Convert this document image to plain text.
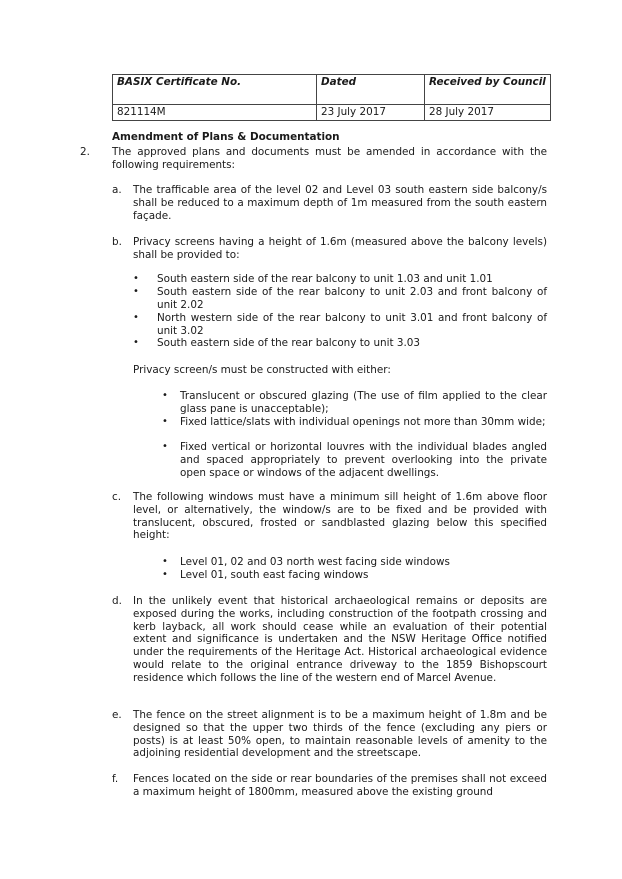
BASIX Certificate No.	Dated	Received by Council
821114M	23 July 2017	28 July 2017
Amendment of Plans & Documentation
2. The approved plans and documents must be amended in accordance with the following requirements:
a. The trafficable area of the level 02 and Level 03 south eastern side balcony/s shall be reduced to a maximum depth of 1m measured from the south eastern façade.
b. Privacy screens having a height of 1.6m (measured above the balcony levels) shall be provided to:
• South eastern side of the rear balcony to unit 1.03 and unit 1.01
• South eastern side of the rear balcony to unit 2.03 and front balcony of unit 2.02
• North western side of the rear balcony to unit 3.01 and front balcony of unit 3.02
• South eastern side of the rear balcony to unit 3.03
Privacy screen/s must be constructed with either:
• Translucent or obscured glazing (The use of film applied to the clear glass pane is unacceptable);
• Fixed lattice/slats with individual openings not more than 30mm wide;
• Fixed vertical or horizontal louvres with the individual blades angled and spaced appropriately to prevent overlooking into the private open space or windows of the adjacent dwellings.
c. The following windows must have a minimum sill height of 1.6m above floor level, or alternatively, the window/s are to be fixed and be provided with translucent, obscured, frosted or sandblasted glazing below this specified height:
• Level 01, 02 and 03 north west facing side windows
• Level 01, south east facing windows
d. In the unlikely event that historical archaeological remains or deposits are exposed during the works, including construction of the footpath crossing and kerb layback, all work should cease while an evaluation of their potential extent and significance is undertaken and the NSW Heritage Office notified under the requirements of the Heritage Act. Historical archaeological evidence would relate to the original entrance driveway to the 1859 Bishopscourt residence which follows the line of the western end of Marcel Avenue.
e. The fence on the street alignment is to be a maximum height of 1.8m and be designed so that the upper two thirds of the fence (excluding any piers or posts) is at least 50% open, to maintain reasonable levels of amenity to the adjoining residential development and the streetscape.
f. Fences located on the side or rear boundaries of the premises shall not exceed a maximum height of 1800mm, measured above the existing ground
